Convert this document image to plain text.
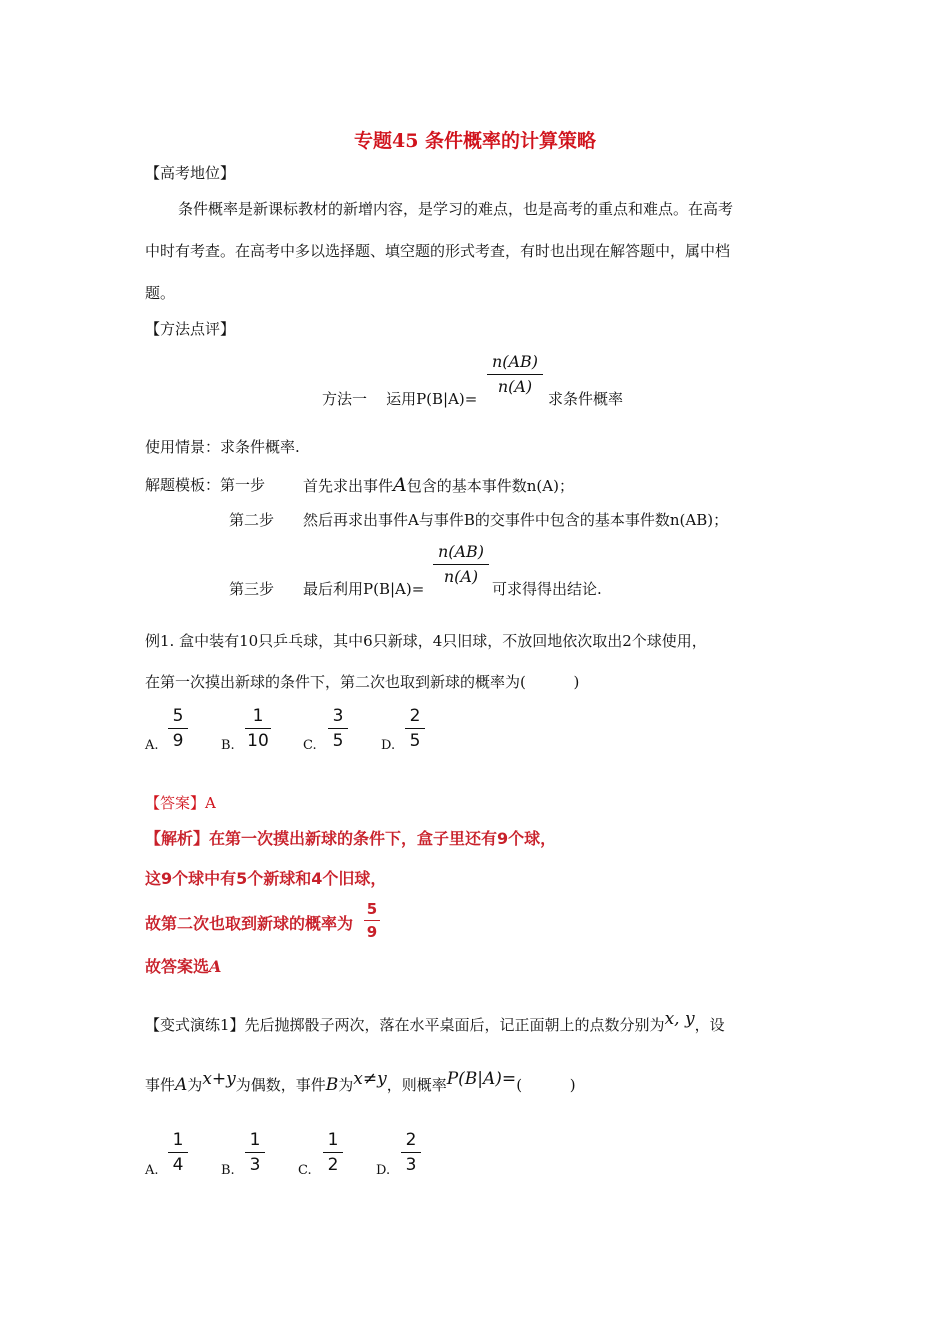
专题45 条件概率的计算策略
【高考地位】
条件概率是新课标教材的新增内容，是学习的难点，也是高考的重点和难点。在高考
中时有考查。在高考中多以选择题、填空题的形式考查，有时也出现在解答题中，属中档
题。
【方法点评】
方法一    运用P(B|A)=
n(AB)
n(A)
求条件概率
使用情景：求条件概率.
解题模板：第一步	首先求出事件A包含的基本事件数n(A)；
第二步 然后再求出事件A与事件B的交事件中包含的基本事件数n(AB)；
第三步 最后利用P(B|A)=
n(AB)
n(A)
可求得得出结论.
例1. 盒中装有10只乒乓球，其中6只新球，4只旧球，不放回地依次取出2个球使用，
在第一次摸出新球的条件下，第二次也取到新球的概率为(          )
A.
5
9	B.
1
10	C.
3
5	D.
2
5
【答案】A
【解析】在第一次摸出新球的条件下，盒子里还有9个球，
这9个球中有5个新球和4个旧球，
故第二次也取到新球的概率为
5
9
故答案选A
【变式演练1】先后抛掷骰子两次，落在水平桌面后，记正面朝上的点数分别为x, y，设
事件A为x+y为偶数，事件B为x≠y，则概率P(B|A)=(          )
A.
1
4	B.
1
3	C.
1
2	D.
2
3
